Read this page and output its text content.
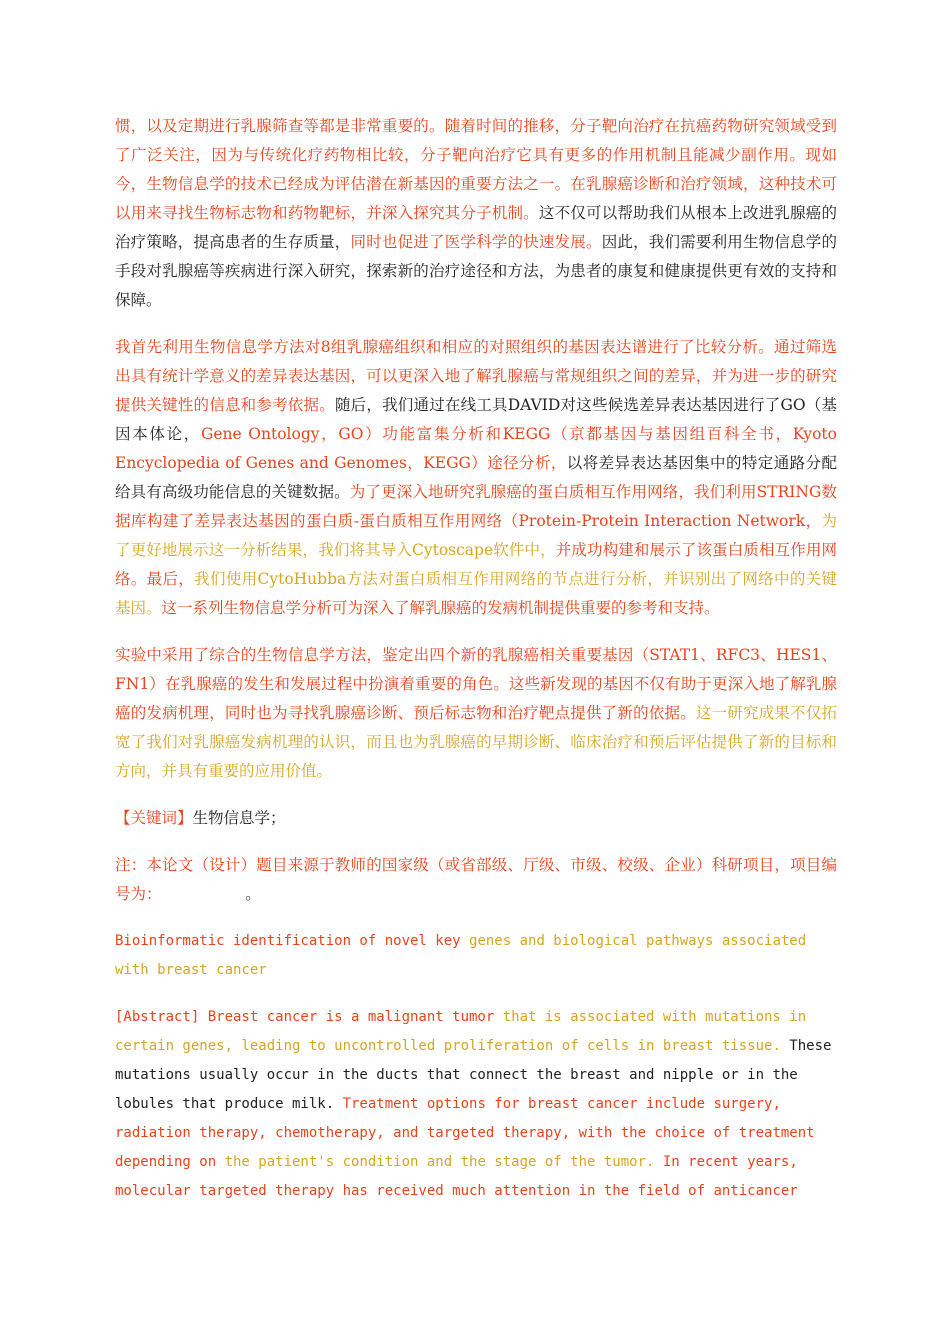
惯，以及定期进行乳腺筛查等都是非常重要的。随着时间的推移，分子靶向治疗在抗癌药物研究领域受到了广泛关注，因为与传统化疗药物相比较，分子靶向治疗它具有更多的作用机制且能减少副作用。现如今，生物信息学的技术已经成为评估潜在新基因的重要方法之一。在乳腺癌诊断和治疗领域，这种技术可以用来寻找生物标志物和药物靶标，并深入探究其分子机制。这不仅可以帮助我们从根本上改进乳腺癌的治疗策略，提高患者的生存质量，同时也促进了医学科学的快速发展。因此，我们需要利用生物信息学的手段对乳腺癌等疾病进行深入研究，探索新的治疗途径和方法，为患者的康复和健康提供更有效的支持和保障。

我首先利用生物信息学方法对8组乳腺癌组织和相应的对照组织的基因表达谱进行了比较分析。通过筛选出具有统计学意义的差异表达基因，可以更深入地了解乳腺癌与常规组织之间的差异，并为进一步的研究提供关键性的信息和参考依据。随后，我们通过在线工具DAVID对这些候选差异表达基因进行了GO（基因本体论，Gene Ontology，GO）功能富集分析和KEGG（京都基因与基因组百科全书，Kyoto Encyclopedia of Genes and Genomes，KEGG）途径分析，以将差异表达基因集中的特定通路分配给具有高级功能信息的关键数据。为了更深入地研究乳腺癌的蛋白质相互作用网络，我们利用STRING数据库构建了差异表达基因的蛋白质-蛋白质相互作用网络（Protein-Protein Interaction Network，为了更好地展示这一分析结果，我们将其导入Cytoscape软件中，并成功构建和展示了该蛋白质相互作用网络。最后，我们使用CytoHubba方法对蛋白质相互作用网络的节点进行分析，并识别出了网络中的关键基因。这一系列生物信息学分析可为深入了解乳腺癌的发病机制提供重要的参考和支持。

实验中采用了综合的生物信息学方法，鉴定出四个新的乳腺癌相关重要基因（STAT1、RFC3、HES1、FN1）在乳腺癌的发生和发展过程中扮演着重要的角色。这些新发现的基因不仅有助于更深入地了解乳腺癌的发病机理，同时也为寻找乳腺癌诊断、预后标志物和治疗靶点提供了新的依据。这一研究成果不仅拓宽了我们对乳腺癌发病机理的认识，而且也为乳腺癌的早期诊断、临床治疗和预后评估提供了新的目标和方向，并具有重要的应用价值。

【关键词】生物信息学；

注：本论文（设计）题目来源于教师的国家级（或省部级、厅级、市级、校级、企业）科研项目，项目编号为：	。

Bioinformatic identification of novel key genes and biological pathways associated with breast cancer

[Abstract] Breast cancer is a malignant tumor that is associated with mutations in certain genes, leading to uncontrolled proliferation of cells in breast tissue. These mutations usually occur in the ducts that connect the breast and nipple or in the lobules that produce milk. Treatment options for breast cancer include surgery, radiation therapy, chemotherapy, and targeted therapy, with the choice of treatment depending on the patient's condition and the stage of the tumor. In recent years, molecular targeted therapy has received much attention in the field of anticancer
